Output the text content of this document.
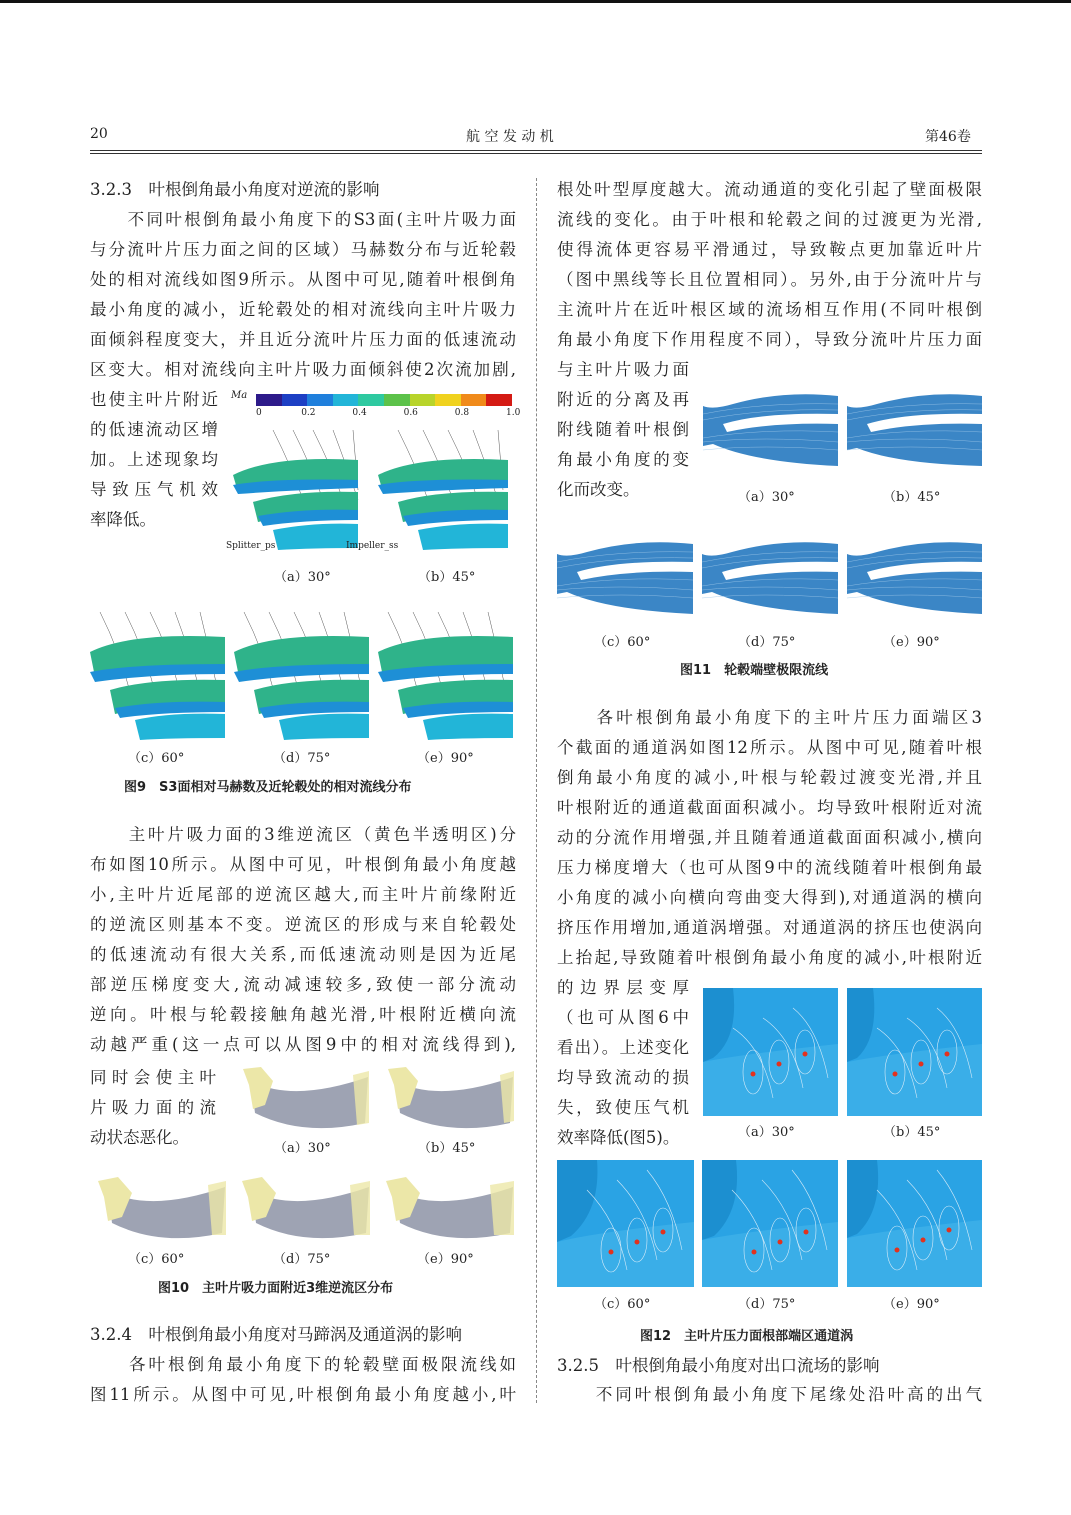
20	航 空 发 动 机	第46卷
3.2.3　叶根倒角最小角度对逆流的影响
　　不同叶根倒角最小角度下的S3面(主叶片吸力面
与分流叶片压力面之间的区域）马赫数分布与近轮毂
处的相对流线如图9所示。从图中可见,随着叶根倒角
最小角度的减小，近轮毂处的相对流线向主叶片吸力
面倾斜程度变大，并且近分流叶片压力面的低速流动
区变大。相对流线向主叶片吸力面倾斜使2次流加剧,
也使主叶片附近
的低速流动区增
加。上述现象均
导致压气机效
率降低。
Ma
0	0.2	0.4	0.6	0.8	1.0
Splitter_ps	Impeller_ss
（a）30°	（b）45°
（c）60°	（d）75°	（e）90°
图9　S3面相对马赫数及近轮毂处的相对流线分布
　　主叶片吸力面的3维逆流区（黄色半透明区)分
布如图10所示。从图中可见，叶根倒角最小角度越
小,主叶片近尾部的逆流区越大,而主叶片前缘附近
的逆流区则基本不变。逆流区的形成与来自轮毂处
的低速流动有很大关系,而低速流动则是因为近尾
部逆压梯度变大,流动减速较多,致使一部分流动
逆向。叶根与轮毂接触角越光滑,叶根附近横向流
动越严重(这一点可以从图9中的相对流线得到),
同时会使主叶
片吸力面的流
动状态恶化。
（a）30°	（b）45°
（c）60°	（d）75°	（e）90°
图10　主叶片吸力面附近3维逆流区分布
3.2.4　叶根倒角最小角度对马蹄涡及通道涡的影响
　　各叶根倒角最小角度下的轮毂壁面极限流线如
图11所示。从图中可见,叶根倒角最小角度越小,叶
根处叶型厚度越大。流动通道的变化引起了壁面极限
流线的变化。由于叶根和轮毂之间的过渡更为光滑,
使得流体更容易平滑通过，导致鞍点更加靠近叶片
（图中黑线等长且位置相同）。另外,由于分流叶片与
主流叶片在近叶根区域的流场相互作用(不同叶根倒
角最小角度下作用程度不同），导致分流叶片压力面
与主叶片吸力面
附近的分离及再
附线随着叶根倒
角最小角度的变
化而改变。	（a）30°	（b）45°
（c）60°	（d）75°	（e）90°
图11　轮毂端壁极限流线
　　各叶根倒角最小角度下的主叶片压力面端区3
个截面的通道涡如图12所示。从图中可见,随着叶根
倒角最小角度的减小,叶根与轮毂过渡变光滑,并且
叶根附近的通道截面面积减小。均导致叶根附近对流
动的分流作用增强,并且随着通道截面面积减小,横向
压力梯度增大（也可从图9中的流线随着叶根倒角最
小角度的减小向横向弯曲变大得到),对通道涡的横向
挤压作用增加,通道涡增强。对通道涡的挤压也使涡向
上抬起,导致随着叶根倒角最小角度的减小,叶根附近
的边界层变厚
（也可从图6中
看出）。上述变化
均导致流动的损
失，致使压气机
效率降低(图5)。	（a）30°	（b）45°
（c）60°	（d）75°	（e）90°
图12　主叶片压力面根部端区通道涡
3.2.5　叶根倒角最小角度对出口流场的影响
　　不同叶根倒角最小角度下尾缘处沿叶高的出气
